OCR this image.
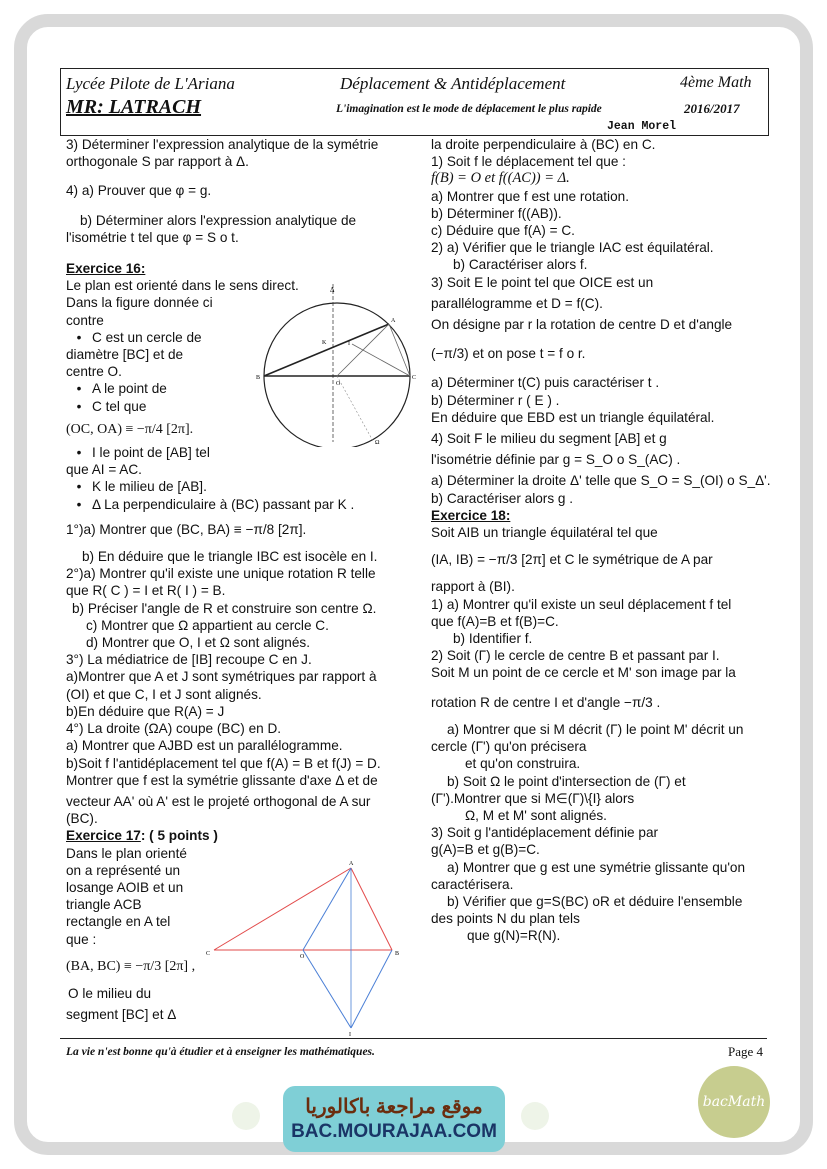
Lycée Pilote de L'Ariana	Déplacement & Antidéplacement	4ème Math
MR: LATRACH	L'imagination est le mode de déplacement le plus rapide	2016/2017
Jean Morel

3) Déterminer l'expression analytique de la symétrie

orthogonale S par rapport à Δ.

4) a) Prouver que φ = g.

b) Déterminer alors l'expression analytique de

l'isométrie t tel que φ = S o t.

Exercice 16:

Le plan est orienté dans le sens direct.

Dans la figure donnée ci

contre

• C est un cercle de

diamètre [BC] et de

centre O.

• A le point de
• C tel que

(OC, OA) ≡ −π/4 [2π].

• I le point de [AB] tel

que AI = AC.

• K le milieu de [AB].
• Δ La perpendiculaire à (BC) passant par K .

1°)a) Montrer que (BC, BA) ≡ −π/8 [2π].

b) En déduire que le triangle IBC est isocèle en I.

2°)a) Montrer qu'il existe une unique rotation R telle

que R( C ) = I et R( I ) = B.

b) Préciser l'angle de R et construire son centre Ω.

c) Montrer que Ω appartient au cercle C.

d) Montrer que O, I et Ω sont alignés.

3°) La médiatrice de [IB] recoupe C en J.

a)Montrer que A et J sont symétriques par rapport à

(OI) et que C, I et J sont alignés.

b)En déduire que R(A) = J

4°) La droite (ΩA) coupe (BC) en D.

a) Montrer que AJBD est un parallélogramme.

b)Soit f l'antidéplacement tel que f(A) = B et f(J) = D.

Montrer que f est la symétrie glissante d'axe Δ et de

vecteur AA' où A' est le projeté orthogonal de A sur

(BC).

Exercice 17: ( 5 points )

Dans le plan orienté

on a représenté un

losange AOIB et un

triangle ACB

rectangle en A tel

que :

(BA, BC) ≡ −π/3 [2π] ,

O le milieu du

segment [BC] et Δ

Δ
A
I
K
B
O
C
Ω
A
C	O	B
I

la droite perpendiculaire à (BC) en C.

1) Soit f le déplacement tel que :

f(B) = O et f((AC)) = Δ.

a) Montrer que f est une rotation.

b) Déterminer f((AB)).

c) Déduire que f(A) = C.

2) a) Vérifier que le triangle IAC est équilatéral.

b) Caractériser alors f.

3) Soit E le point tel que OICE est un

parallélogramme et D = f(C).

On désigne par r la rotation de centre D et d'angle

(−π/3) et on pose t = f o r.

a) Déterminer t(C) puis caractériser t .

b) Déterminer r ( E ) .

En déduire que EBD est un triangle équilatéral.

4) Soit F le milieu du segment [AB] et g

l'isométrie définie par g = S_O o S_(AC) .

a) Déterminer la droite Δ' telle que S_O = S_(OI) o S_Δ'.

b) Caractériser alors g .

Exercice 18:

Soit AIB un triangle équilatéral tel que

(IA, IB) = −π/3 [2π] et C le symétrique de A par

rapport à (BI).

1) a) Montrer qu'il existe un seul déplacement f tel

que f(A)=B et f(B)=C.

b) Identifier f.

2) Soit (Γ) le cercle de centre B et passant par I.

Soit M un point de ce cercle et M' son image par la

rotation R de centre I et d'angle −π/3 .

a) Montrer que si M décrit (Γ) le point M' décrit un

cercle (Γ') qu'on précisera

et qu'on construira.

b) Soit Ω le point d'intersection de (Γ) et

(Γ').Montrer que si M∈(Γ)\{I} alors

Ω, M et M' sont alignés.

3) Soit g l'antidéplacement définie par

g(A)=B et g(B)=C.

a) Montrer que g est une symétrie glissante qu'on

caractérisera.

b) Vérifier que g=S(BC) oR et déduire l'ensemble

des points N du plan tels

que g(N)=R(N).

La vie n'est bonne qu'à étudier et à enseigner les mathématiques.	Page 4
موقع مراجعة باكالوريا
BAC.MOURAJAA.COM
bacMath
